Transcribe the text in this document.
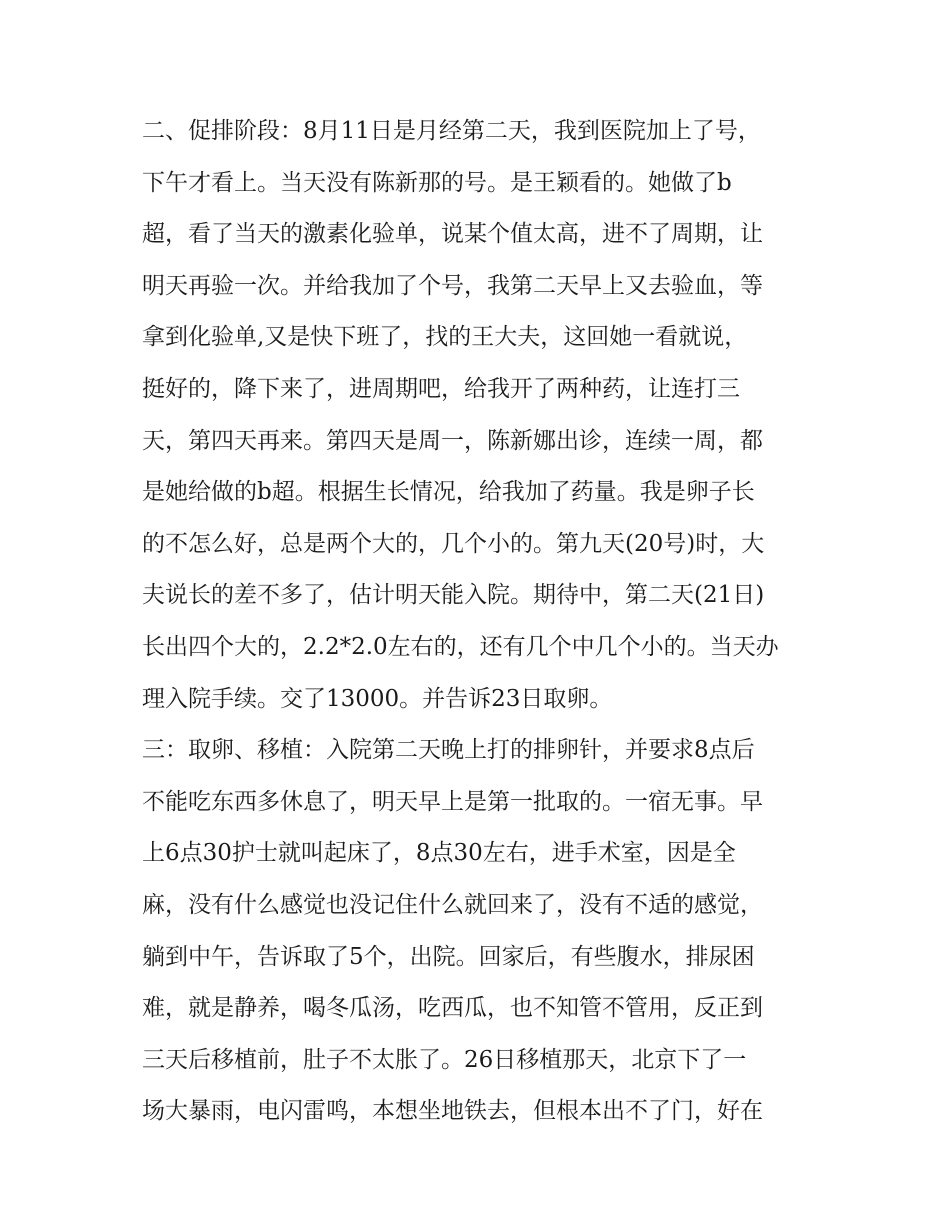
二、促排阶段：8月11日是月经第二天，我到医院加上了号，
下午才看上。当天没有陈新那的号。是王颖看的。她做了b
超，看了当天的激素化验单，说某个值太高，进不了周期，让
明天再验一次。并给我加了个号，我第二天早上又去验血，等
拿到化验单,又是快下班了，找的王大夫，这回她一看就说，
挺好的，降下来了，进周期吧，给我开了两种药，让连打三
天，第四天再来。第四天是周一，陈新娜出诊，连续一周，都
是她给做的b超。根据生长情况，给我加了药量。我是卵子长
的不怎么好，总是两个大的，几个小的。第九天(20号)时，大
夫说长的差不多了，估计明天能入院。期待中，第二天(21日)
长出四个大的，2.2*2.0左右的，还有几个中几个小的。当天办
理入院手续。交了13000。并告诉23日取卵。
三：取卵、移植：入院第二天晚上打的排卵针，并要求8点后
不能吃东西多休息了，明天早上是第一批取的。一宿无事。早
上6点30护士就叫起床了，8点30左右，进手术室，因是全
麻，没有什么感觉也没记住什么就回来了，没有不适的感觉，
躺到中午，告诉取了5个，出院。回家后，有些腹水，排尿困
难，就是静养，喝冬瓜汤，吃西瓜，也不知管不管用，反正到
三天后移植前，肚子不太胀了。26日移植那天，北京下了一
场大暴雨，电闪雷鸣，本想坐地铁去，但根本出不了门，好在
